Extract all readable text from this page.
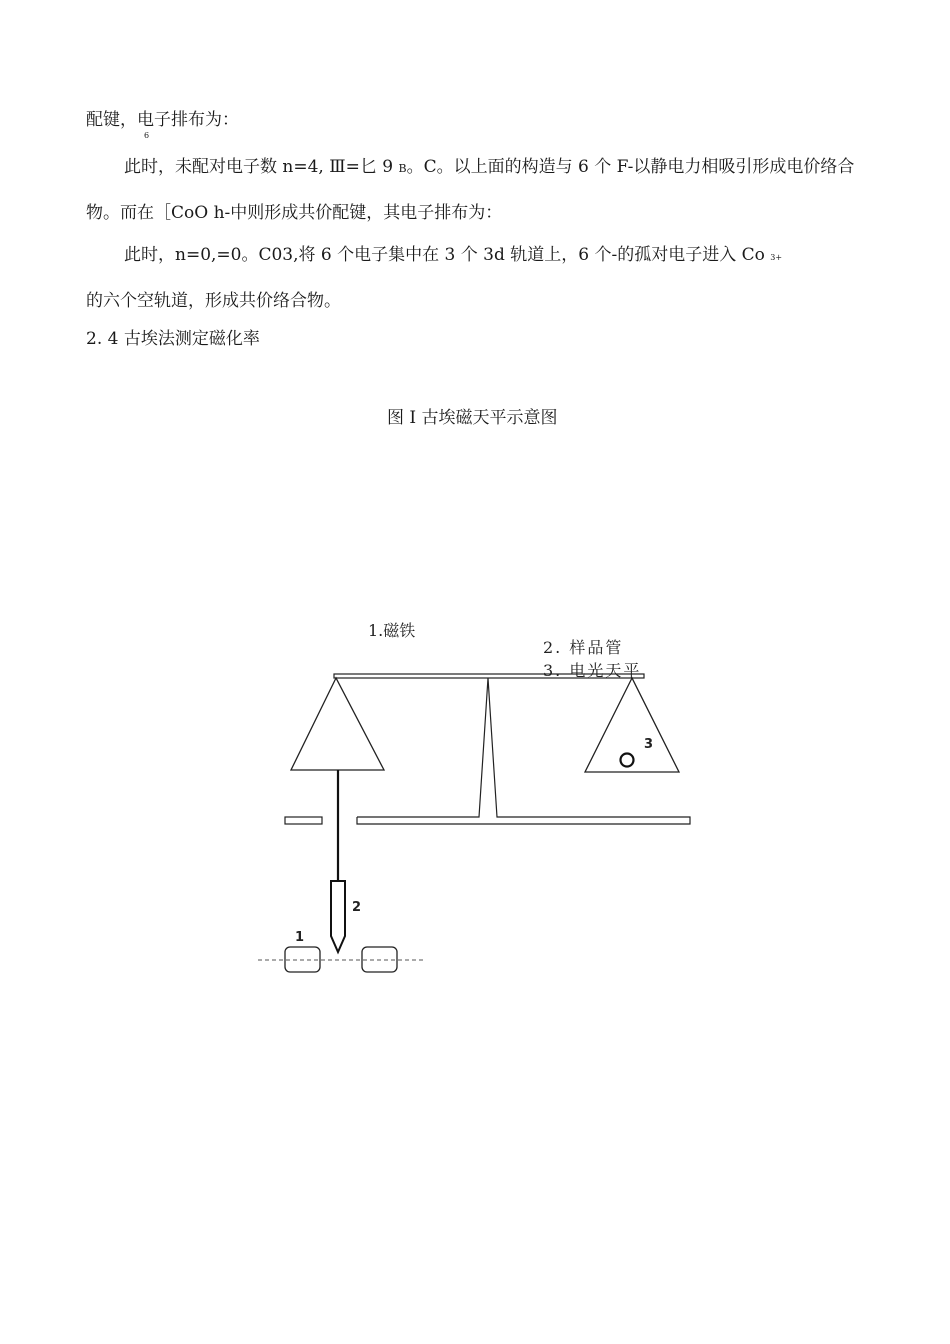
配键，电子排布为：
6
此时，未配对电子数 n=4, Ⅲ=匕 9 B。C。以上面的构造与 6 个 F-以静电力相吸引形成电价络合
物。而在［CoO h-中则形成共价配键，其电子排布为：
此时，n=0,=0。C03,将 6 个电子集中在 3 个 3d 轨道上，6 个-的孤对电子进入 Co 3+
的六个空轨道，形成共价络合物。
2. 4 古埃法测定磁化率
图 I 古埃磁天平示意图
1.磁铁
2. 样品管
3. 电光天平
3
2
1
